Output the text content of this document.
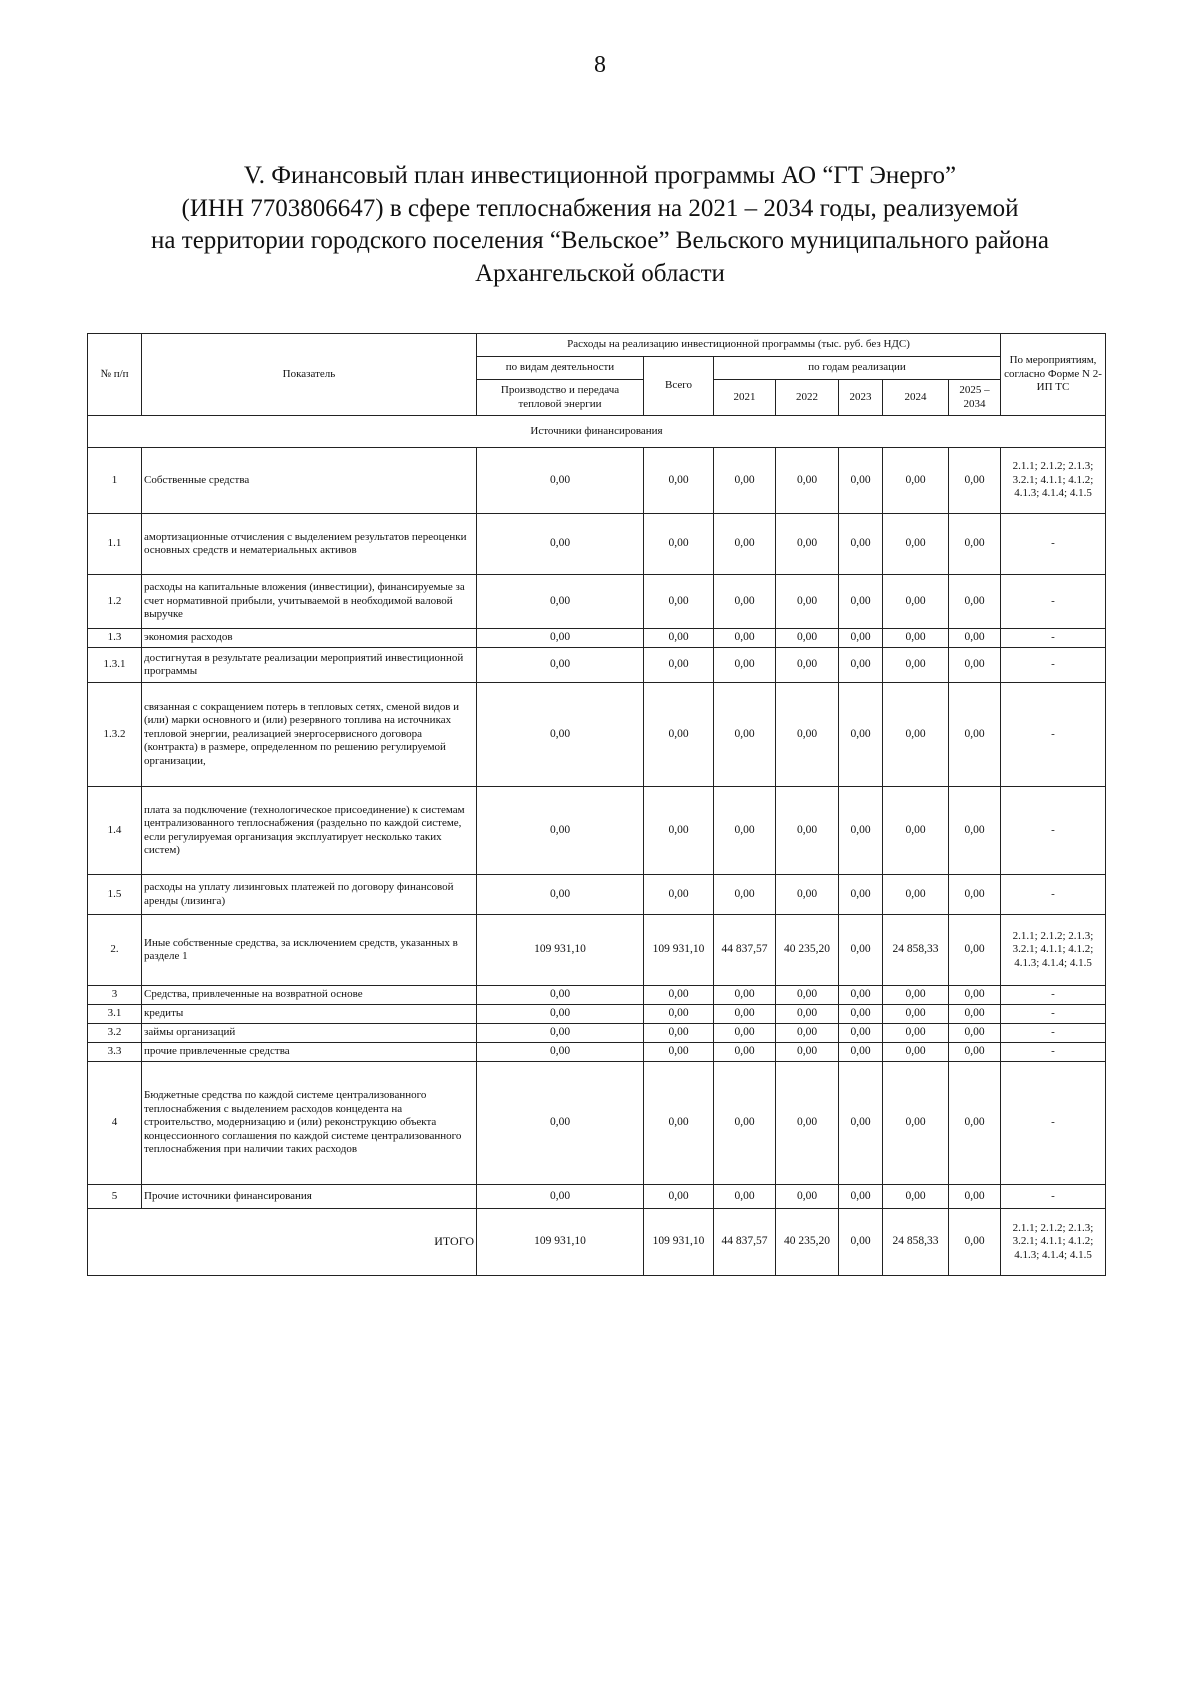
8
V. Финансовый план инвестиционной программы АО “ГТ Энерго”
(ИНН 7703806647) в сфере теплоснабжения на 2021 – 2034 годы, реализуемой
на территории городского поселения “Вельское” Вельского муниципального района
Архангельской области
№ п/п	Показатель	Расходы на реализацию инвестиционной программы (тыс. руб. без НДС)							По мероприятиям, согласно Форме N 2-ИП ТС
		по видам деятельности	Всего	по годам реализации					
		Производство и передача тепловой энергии		2021	2022	2023	2024	2025 – 2034	
Источники финансирования									
1	Собственные средства	0,00	0,00	0,00	0,00	0,00	0,00	0,00	2.1.1; 2.1.2; 2.1.3; 3.2.1; 4.1.1; 4.1.2; 4.1.3; 4.1.4; 4.1.5
1.1	амортизационные отчисления с выделением результатов переоценки основных средств и нематериальных активов	0,00	0,00	0,00	0,00	0,00	0,00	0,00	-
1.2	расходы на капитальные вложения (инвестиции), финансируемые за счет нормативной прибыли, учитываемой в необходимой валовой выручке	0,00	0,00	0,00	0,00	0,00	0,00	0,00	-
1.3	экономия расходов	0,00	0,00	0,00	0,00	0,00	0,00	0,00	-
1.3.1	достигнутая в результате реализации мероприятий инвестиционной программы	0,00	0,00	0,00	0,00	0,00	0,00	0,00	-
1.3.2	связанная с сокращением потерь в тепловых сетях, сменой видов и (или) марки основного и (или) резервного топлива на источниках тепловой энергии, реализацией энергосервисного договора (контракта) в размере, определенном по решению регулируемой организации,	0,00	0,00	0,00	0,00	0,00	0,00	0,00	-
1.4	плата за подключение (технологическое присоединение) к системам централизованного теплоснабжения (раздельно по каждой системе, если регулируемая организация эксплуатирует несколько таких систем)	0,00	0,00	0,00	0,00	0,00	0,00	0,00	-
1.5	расходы на уплату лизинговых платежей по договору финансовой аренды (лизинга)	0,00	0,00	0,00	0,00	0,00	0,00	0,00	-
2.	Иные собственные средства, за исключением средств, указанных в разделе 1	109 931,10	109 931,10	44 837,57	40 235,20	0,00	24 858,33	0,00	2.1.1; 2.1.2; 2.1.3; 3.2.1; 4.1.1; 4.1.2; 4.1.3; 4.1.4; 4.1.5
3	Средства, привлеченные на возвратной основе	0,00	0,00	0,00	0,00	0,00	0,00	0,00	-
3.1	кредиты	0,00	0,00	0,00	0,00	0,00	0,00	0,00	-
3.2	займы организаций	0,00	0,00	0,00	0,00	0,00	0,00	0,00	-
3.3	прочие привлеченные средства	0,00	0,00	0,00	0,00	0,00	0,00	0,00	-
4	Бюджетные средства по каждой системе централизованного теплоснабжения с выделением расходов концедента на строительство, модернизацию и (или) реконструкцию объекта концессионного соглашения по каждой системе централизованного теплоснабжения при наличии таких расходов	0,00	0,00	0,00	0,00	0,00	0,00	0,00	-
5	Прочие источники финансирования	0,00	0,00	0,00	0,00	0,00	0,00	0,00	-
ИТОГО		109 931,10	109 931,10	44 837,57	40 235,20	0,00	24 858,33	0,00	2.1.1; 2.1.2; 2.1.3; 3.2.1; 4.1.1; 4.1.2; 4.1.3; 4.1.4; 4.1.5
